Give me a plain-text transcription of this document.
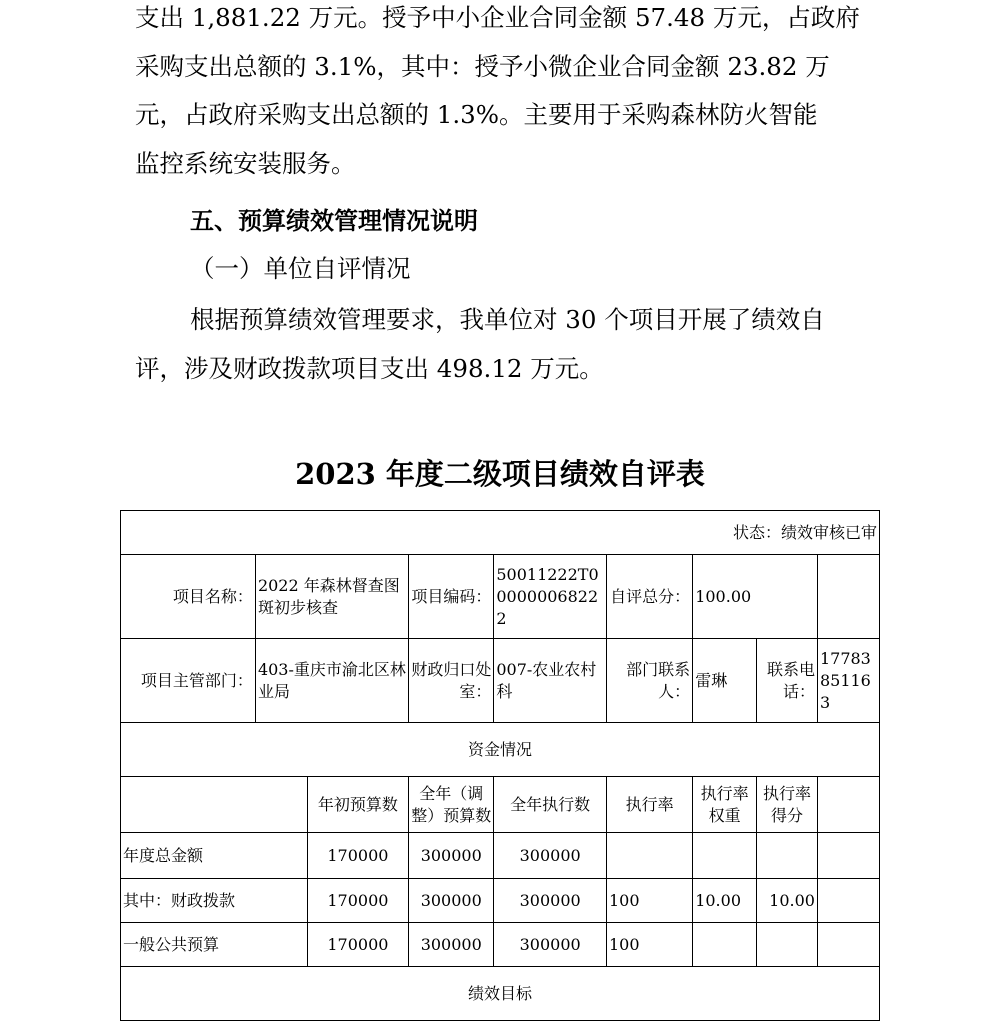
支出 1,881.22 万元。授予中小企业合同金额 57.48 万元，占政府
采购支出总额的 3.1%，其中：授予小微企业合同金额 23.82 万
元，占政府采购支出总额的 1.3%。主要用于采购森林防火智能
监控系统安装服务。
五、预算绩效管理情况说明
（一）单位自评情况
根据预算绩效管理要求，我单位对 30 个项目开展了绩效自
评，涉及财政拨款项目支出 498.12 万元。
2023 年度二级项目绩效自评表
状态：绩效审核已审								
项目名称：	2022 年森林督查图斑初步核查		项目编码：	50011222T000000068222	自评总分：	100.00		
项目主管部门：	403-重庆市渝北区林业局		财政归口处室：	007-农业农村科	部门联系人：	雷琳	联系电话：	17783851163
资金情况								
		年初预算数	全年（调整）预算数	全年执行数	执行率	执行率权重	执行率得分	
年度总金额		170000	300000	300000				
其中：财政拨款		170000	300000	300000	100	10.00	10.00	
一般公共预算		170000	300000	300000	100			
绩效目标								
